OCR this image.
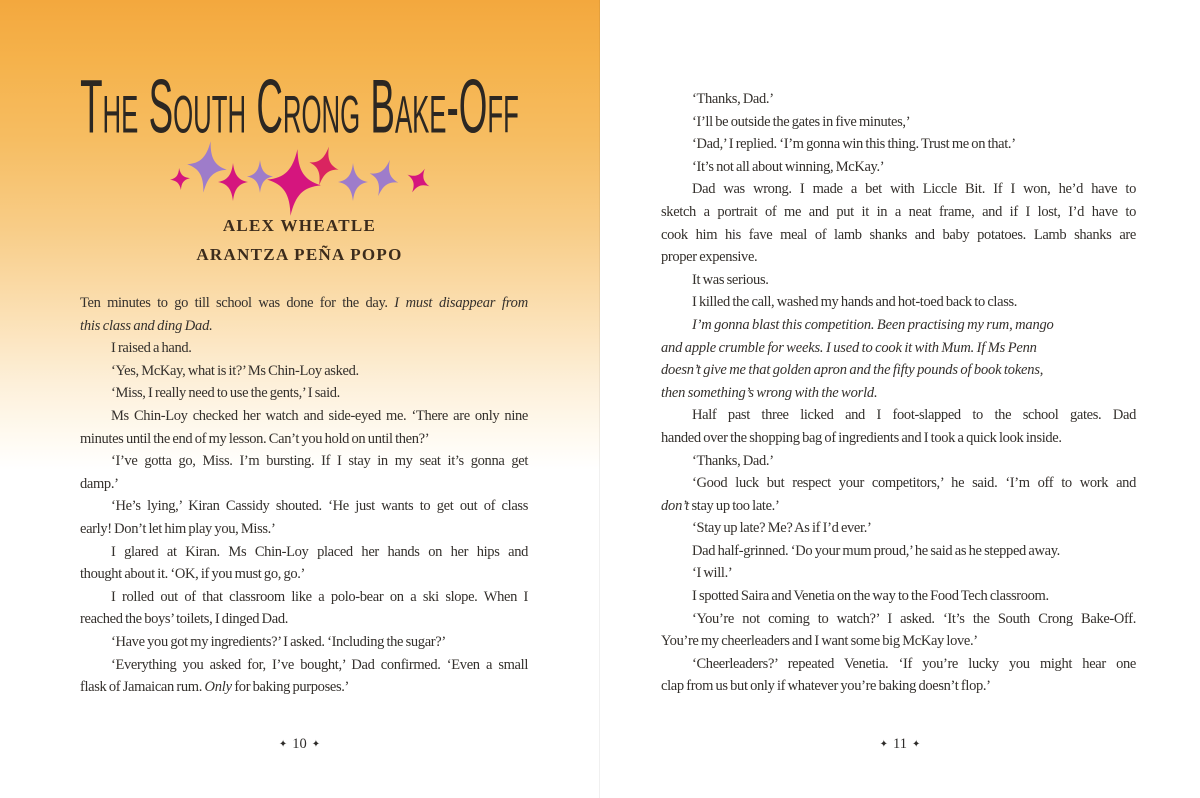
The South Crong Bake-Off
ALEX WHEATLE
ARANTZA PEÑA POPO
Ten minutes to go till school was done for the day. I must disappear from
this class and ding Dad.
I raised a hand.
‘Yes, McKay, what is it?’ Ms Chin-Loy asked.
‘Miss, I really need to use the gents,’ I said.
Ms Chin-Loy checked her watch and side-eyed me. ‘There are only nine
minutes until the end of my lesson. Can’t you hold on until then?’
‘I’ve gotta go, Miss. I’m bursting. If I stay in my seat it’s gonna get
damp.’
‘He’s lying,’ Kiran Cassidy shouted. ‘He just wants to get out of class
early! Don’t let him play you, Miss.’
I glared at Kiran. Ms Chin-Loy placed her hands on her hips and
thought about it. ‘OK, if you must go, go.’
I rolled out of that classroom like a polo-bear on a ski slope. When I
reached the boys’ toilets, I dinged Dad.
‘Have you got my ingredients?’ I asked. ‘Including the sugar?’
‘Everything you asked for, I’ve bought,’ Dad confirmed. ‘Even a small
flask of Jamaican rum. Only for baking purposes.’
✦ 10 ✦
‘Thanks, Dad.’
‘I’ll be outside the gates in five minutes,’
‘Dad,’ I replied. ‘I’m gonna win this thing. Trust me on that.’
‘It’s not all about winning, McKay.’
Dad was wrong. I made a bet with Liccle Bit. If I won, he’d have to
sketch a portrait of me and put it in a neat frame, and if I lost, I’d have to
cook him his fave meal of lamb shanks and baby potatoes. Lamb shanks are
proper expensive.
It was serious.
I killed the call, washed my hands and hot-toed back to class.
I’m gonna blast this competition. Been practising my rum, mango
and apple crumble for weeks. I used to cook it with Mum. If Ms Penn
doesn’t give me that golden apron and the fifty pounds of book tokens,
then something’s wrong with the world.
Half past three licked and I foot-slapped to the school gates. Dad
handed over the shopping bag of ingredients and I took a quick look inside.
‘Thanks, Dad.’
‘Good luck but respect your competitors,’ he said. ‘I’m off to work and
don’t stay up too late.’
‘Stay up late? Me? As if I’d ever.’
Dad half-grinned. ‘Do your mum proud,’ he said as he stepped away.
‘I will.’
I spotted Saira and Venetia on the way to the Food Tech classroom.
‘You’re not coming to watch?’ I asked. ‘It’s the South Crong Bake-Off.
You’re my cheerleaders and I want some big McKay love.’
‘Cheerleaders?’ repeated Venetia. ‘If you’re lucky you might hear one
clap from us but only if whatever you’re baking doesn’t flop.’
✦ 11 ✦
